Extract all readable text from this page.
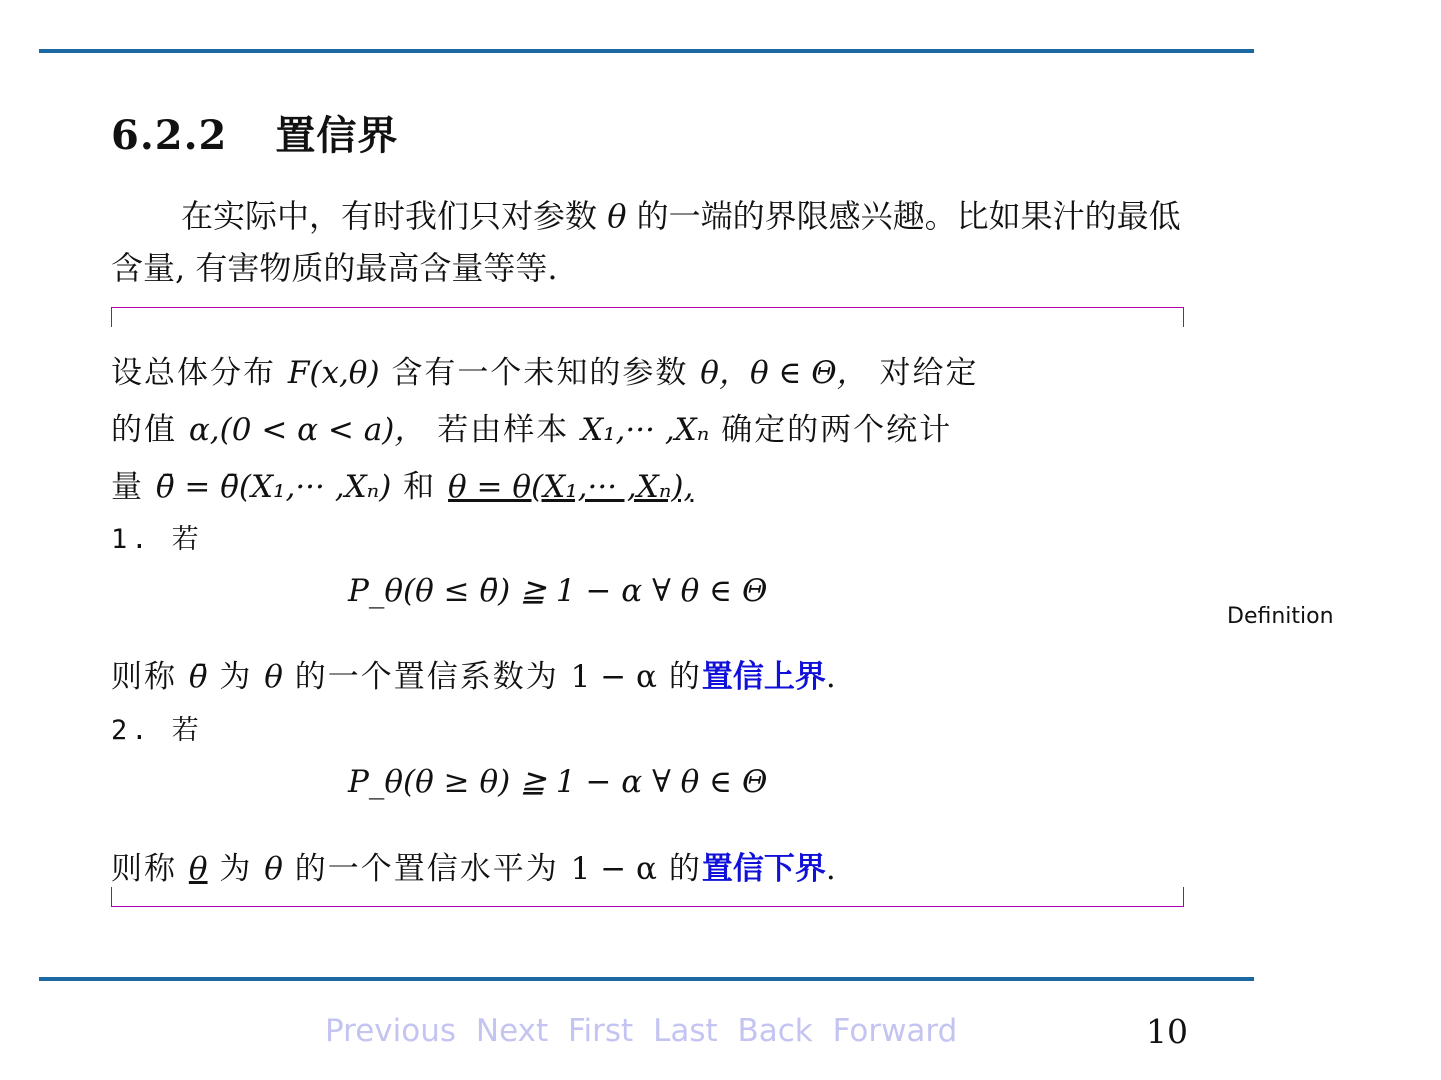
6.2.2 置信界
在实际中，有时我们只对参数 θ 的一端的界限感兴趣。比如果汁的最低含量, 有害物质的最高含量等等.
设总体分布 F(x,θ) 含有一个未知的参数 θ，θ ∈ Θ， 对给定
的值 α,(0 < α < a)， 若由样本 X₁,··· ,Xₙ 确定的两个统计
量 θ̄ = θ̄(X₁,··· ,Xₙ) 和 θ = θ(X₁,··· ,Xₙ),
1. 若
P_θ(θ ≤ θ̄) ≧ 1 − α ∀ θ ∈ Θ
则称 θ̄ 为 θ 的一个置信系数为 1 − α 的置信上界.
2. 若
P_θ(θ ≥ θ) ≧ 1 − α ∀ θ ∈ Θ
则称 θ 为 θ 的一个置信水平为 1 − α 的置信下界.
Definition
Previous Next First Last Back Forward	10
